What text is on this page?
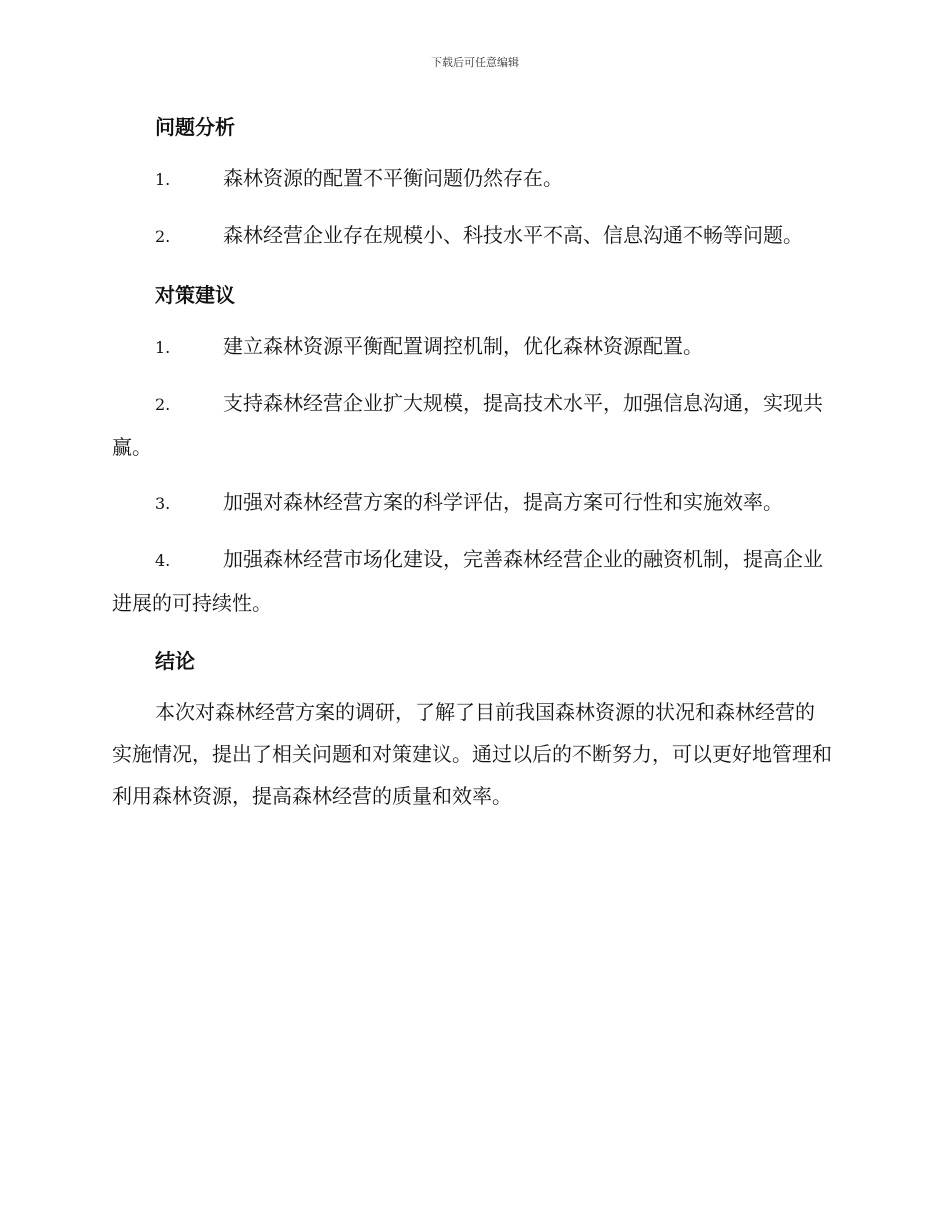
下载后可任意编辑
问题分析

1.	森林资源的配置不平衡问题仍然存在。

2.	森林经营企业存在规模小、科技水平不高、信息沟通不畅等问题。

对策建议

1.	建立森林资源平衡配置调控机制，优化森林资源配置。

2.	支持森林经营企业扩大规模，提高技术水平，加强信息沟通，实现共赢。

3.	加强对森林经营方案的科学评估，提高方案可行性和实施效率。

4.	加强森林经营市场化建设，完善森林经营企业的融资机制，提高企业进展的可持续性。

结论

本次对森林经营方案的调研，了解了目前我国森林资源的状况和森林经营的实施情况，提出了相关问题和对策建议。通过以后的不断努力，可以更好地管理和利用森林资源，提高森林经营的质量和效率。
